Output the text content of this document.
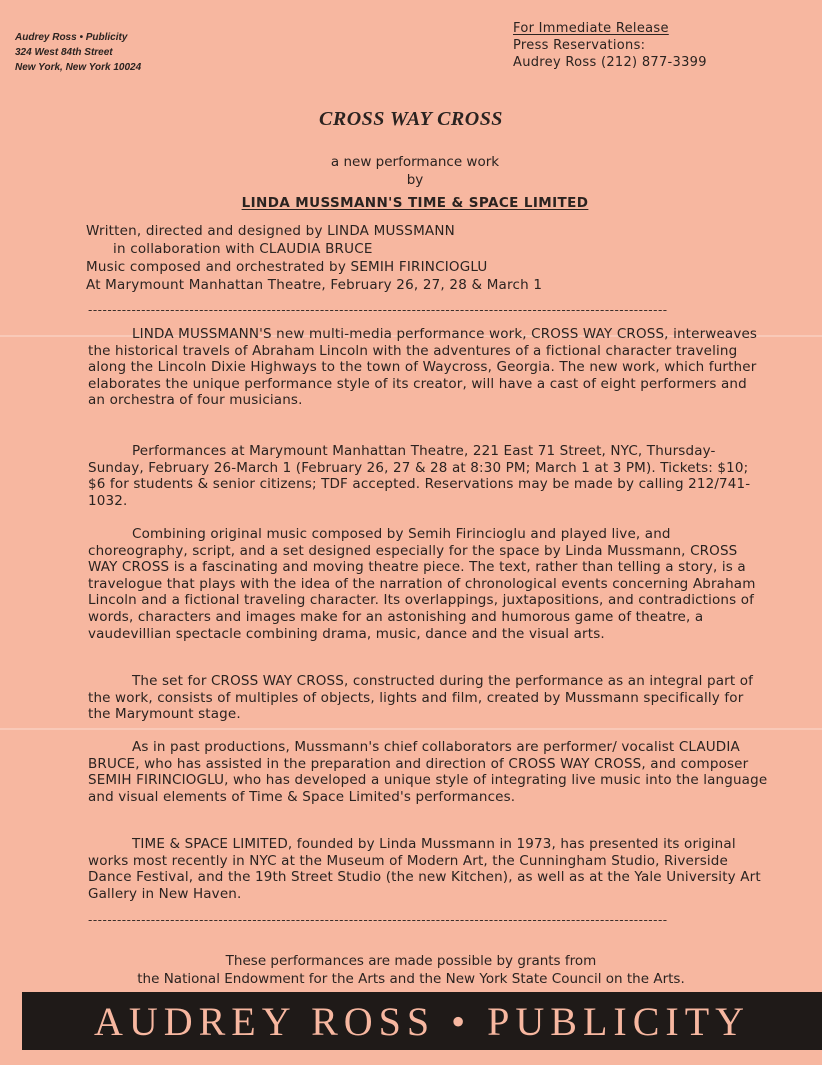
Audrey Ross • Publicity
324 West 84th Street
New York, New York 10024
For Immediate Release
Press Reservations:
Audrey Ross (212) 877-3399
CROSS WAY CROSS
a new performance work
by
LINDA MUSSMANN'S TIME & SPACE LIMITED
Written, directed and designed by LINDA MUSSMANN
in collaboration with CLAUDIA BRUCE
Music composed and orchestrated by SEMIH FIRINCIOGLU
At Marymount Manhattan Theatre, February 26, 27, 28 & March 1
------------------------------------------------------------------------------------------------------------------------
LINDA MUSSMANN'S new multi-media performance work, CROSS WAY CROSS, interweaves the historical travels of Abraham Lincoln with the adventures of a fictional character traveling along the Lincoln Dixie Highways to the town of Waycross, Georgia. The new work, which further elaborates the unique performance style of its creator, will have a cast of eight performers and an orchestra of four musicians.
Performances at Marymount Manhattan Theatre, 221 East 71 Street, NYC, Thursday-Sunday, February 26-March 1 (February 26, 27 & 28 at 8:30 PM; March 1 at 3 PM). Tickets: $10; $6 for students & senior citizens; TDF accepted. Reservations may be made by calling 212/741-1032.
Combining original music composed by Semih Firincioglu and played live, and choreography, script, and a set designed especially for the space by Linda Mussmann, CROSS WAY CROSS is a fascinating and moving theatre piece. The text, rather than telling a story, is a travelogue that plays with the idea of the narration of chronological events concerning Abraham Lincoln and a fictional traveling character. Its overlappings, juxtapositions, and contradictions of words, characters and images make for an astonishing and humorous game of theatre, a vaudevillian spectacle combining drama, music, dance and the visual arts.
The set for CROSS WAY CROSS, constructed during the performance as an integral part of the work, consists of multiples of objects, lights and film, created by Mussmann specifically for the Marymount stage.
As in past productions, Mussmann's chief collaborators are performer/ vocalist CLAUDIA BRUCE, who has assisted in the preparation and direction of CROSS WAY CROSS, and composer SEMIH FIRINCIOGLU, who has developed a unique style of integrating live music into the language and visual elements of Time & Space Limited's performances.
TIME & SPACE LIMITED, founded by Linda Mussmann in 1973, has presented its original works most recently in NYC at the Museum of Modern Art, the Cunningham Studio, Riverside Dance Festival, and the 19th Street Studio (the new Kitchen), as well as at the Yale University Art Gallery in New Haven.
------------------------------------------------------------------------------------------------------------------------
These performances are made possible by grants from
the National Endowment for the Arts and the New York State Council on the Arts.
AUDREY ROSS • PUBLICITY
